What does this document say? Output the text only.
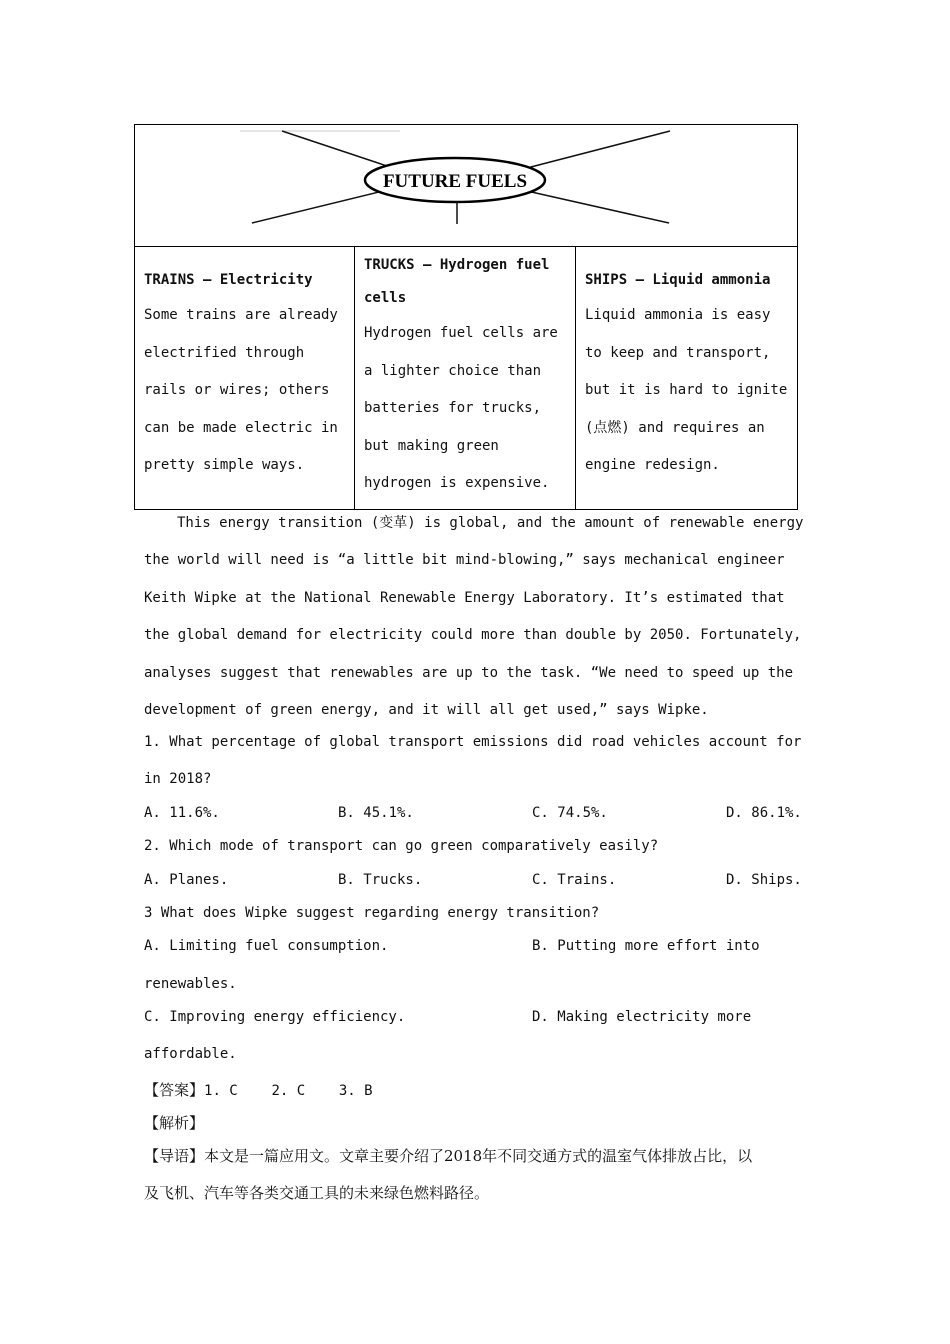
FUTURE FUELS
TRAINS — Electricity
Some trains are already electrified through rails or wires; others can be made electric in pretty simple ways.
TRUCKS — Hydrogen fuel cells
Hydrogen fuel cells are a lighter choice than batteries for trucks, but making green hydrogen is expensive.
SHIPS — Liquid ammonia
Liquid ammonia is easy to keep and transport, but it is hard to ignite (点燃) and requires an engine redesign.
This energy transition (变革) is global, and the amount of renewable energy the world will need is “a little bit mind-blowing,” says mechanical engineer Keith Wipke at the National Renewable Energy Laboratory. It’s estimated that the global demand for electricity could more than double by 2050. Fortunately, analyses suggest that renewables are up to the task. “We need to speed up the development of green energy, and it will all get used,” says Wipke.
1. What percentage of global transport emissions did road vehicles account for
in 2018?
A. 11.6%.	B. 45.1%.	C. 74.5%.	D. 86.1%.
2. Which mode of transport can go green comparatively easily?
A. Planes.	B. Trucks.	C. Trains.	D. Ships.
3 What does Wipke suggest regarding energy transition?
A. Limiting fuel consumption.	B. Putting more effort into
renewables.
C. Improving energy efficiency.	D. Making electricity more
affordable.
【答案】1. C    2. C    3. B
【解析】
【导语】本文是一篇应用文。文章主要介绍了2018年不同交通方式的温室气体排放占比，以
及飞机、汽车等各类交通工具的未来绿色燃料路径。
